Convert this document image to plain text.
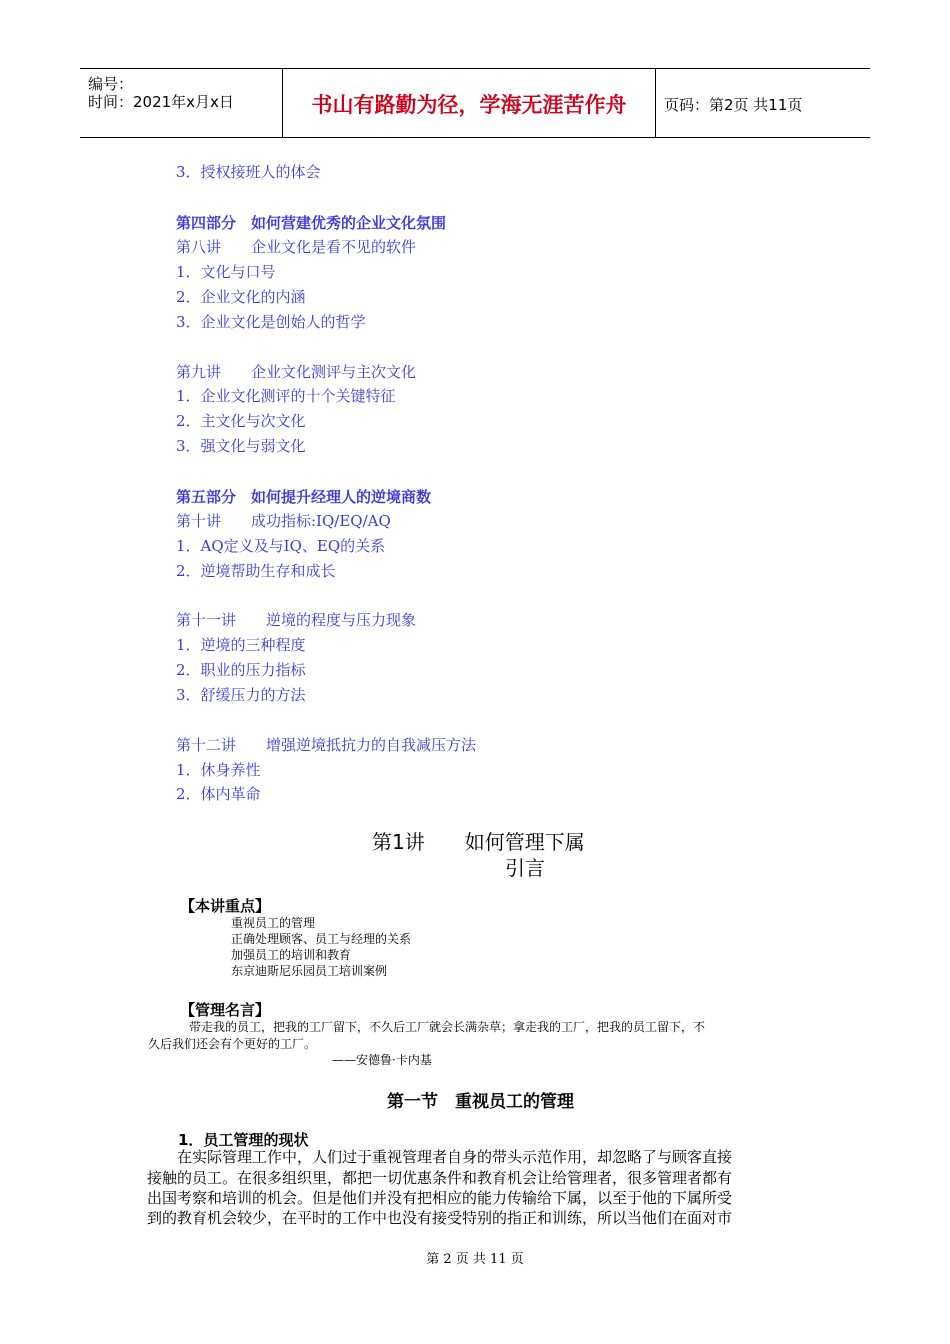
编号：
时间：2021年x月x日	书山有路勤为径，学海无涯苦作舟	页码：第2页 共11页
3．授权接班人的体会
第四部分　如何营建优秀的企业文化氛围
第八讲　　企业文化是看不见的软件
1．文化与口号
2．企业文化的内涵
3．企业文化是创始人的哲学
第九讲　　企业文化测评与主次文化
1．企业文化测评的十个关键特征
2．主文化与次文化
3．强文化与弱文化
第五部分　如何提升经理人的逆境商数
第十讲　　成功指标:IQ/EQ/AQ
1．AQ定义及与IQ、EQ的关系
2．逆境帮助生存和成长
第十一讲　　逆境的程度与压力现象
1．逆境的三种程度
2．职业的压力指标
3．舒缓压力的方法
第十二讲　　增强逆境抵抗力的自我减压方法
1．休身养性
2．体内革命
第1讲　　如何管理下属
引言
【本讲重点】
重视员工的管理
正确处理顾客、员工与经理的关系
加强员工的培训和教育
东京迪斯尼乐园员工培训案例
【管理名言】
带走我的员工，把我的工厂留下，不久后工厂就会长满杂草；拿走我的工厂，把我的员工留下，不
久后我们还会有个更好的工厂。
——安德鲁·卡内基
第一节　重视员工的管理
1．员工管理的现状
　　在实际管理工作中，人们过于重视管理者自身的带头示范作用，却忽略了与顾客直接
接触的员工。在很多组织里，都把一切优惠条件和教育机会让给管理者，很多管理者都有
出国考察和培训的机会。但是他们并没有把相应的能力传输给下属，以至于他的下属所受
到的教育机会较少，在平时的工作中也没有接受特别的指正和训练，所以当他们在面对市
第 2 页 共 11 页
